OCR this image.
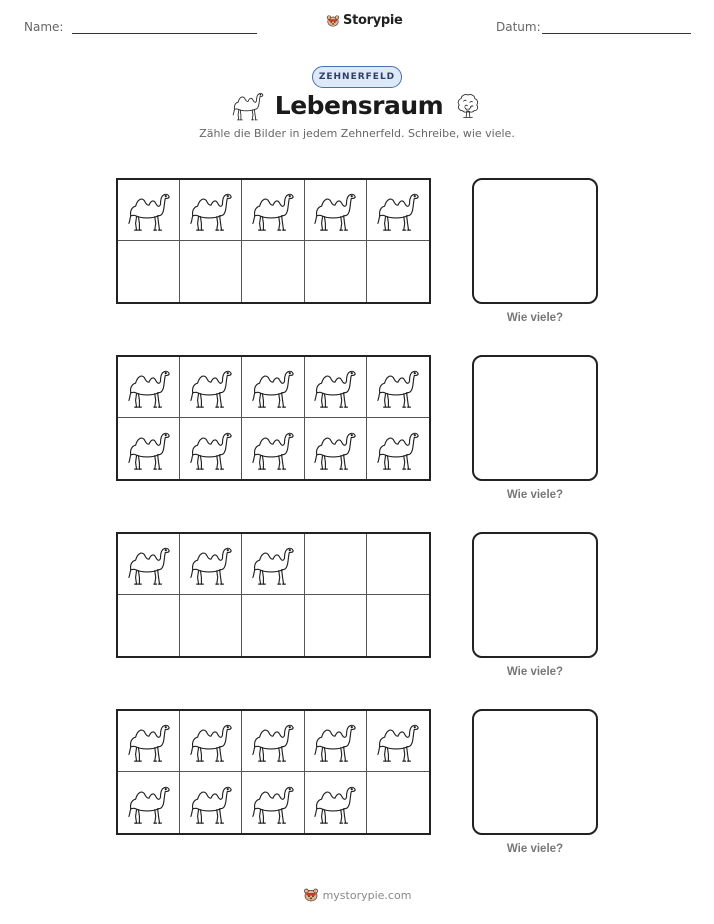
Name:	Storypie	Datum:
ZEHNERFELD
Lebensraum
Zähle die Bilder in jedem Zehnerfeld. Schreibe, wie viele.
Wie viele?
Wie viele?
Wie viele?
Wie viele?
mystorypie.com
